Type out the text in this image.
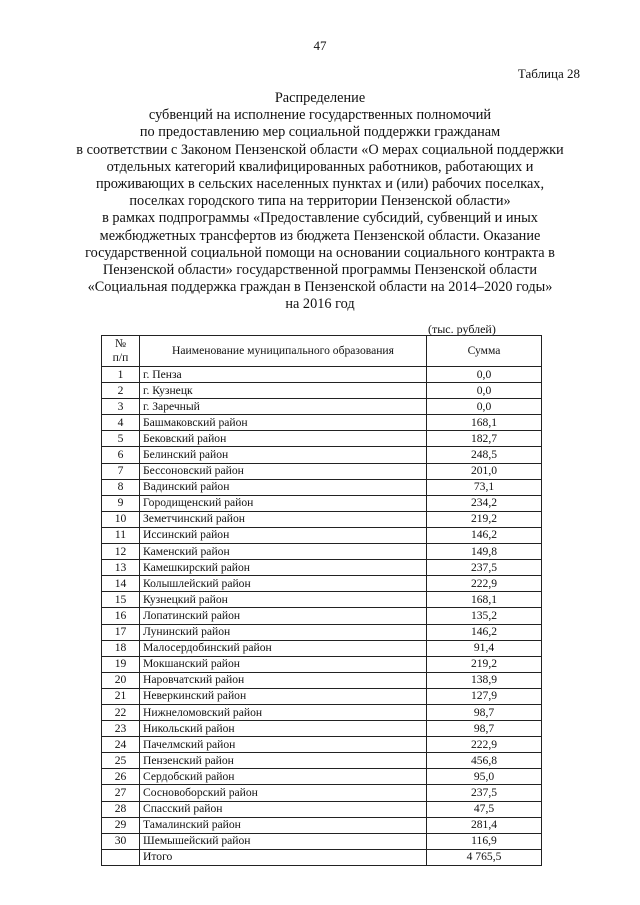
47
Таблица 28
Распределение
субвенций на исполнение государственных полномочий
по предоставлению мер социальной поддержки гражданам
в соответствии с Законом Пензенской области «О мерах социальной поддержки
отдельных категорий квалифицированных работников, работающих и
проживающих в сельских населенных пунктах и (или) рабочих поселках,
поселках городского типа на территории Пензенской области»
в рамках подпрограммы «Предоставление субсидий, субвенций и иных
межбюджетных трансфертов из бюджета Пензенской области. Оказание
государственной социальной помощи на основании социального контракта в
Пензенской области» государственной программы Пензенской области
«Социальная поддержка граждан в Пензенской области на 2014–2020 годы»
на 2016 год
(тыс. рублей)
№
п/п	Наименование муниципального образования	Сумма
1	г. Пенза	0,0
2	г. Кузнецк	0,0
3	г. Заречный	0,0
4	Башмаковский район	168,1
5	Бековский район	182,7
6	Белинский район	248,5
7	Бессоновский район	201,0
8	Вадинский район	73,1
9	Городищенский район	234,2
10	Земетчинский район	219,2
11	Иссинский район	146,2
12	Каменский район	149,8
13	Камешкирский район	237,5
14	Колышлейский район	222,9
15	Кузнецкий район	168,1
16	Лопатинский район	135,2
17	Лунинский район	146,2
18	Малосердобинский район	91,4
19	Мокшанский район	219,2
20	Наровчатский район	138,9
21	Неверкинский район	127,9
22	Нижнеломовский район	98,7
23	Никольский район	98,7
24	Пачелмский район	222,9
25	Пензенский район	456,8
26	Сердобский район	95,0
27	Сосновоборский район	237,5
28	Спасский район	47,5
29	Тамалинский район	281,4
30	Шемышейский район	116,9
	Итого	4 765,5
